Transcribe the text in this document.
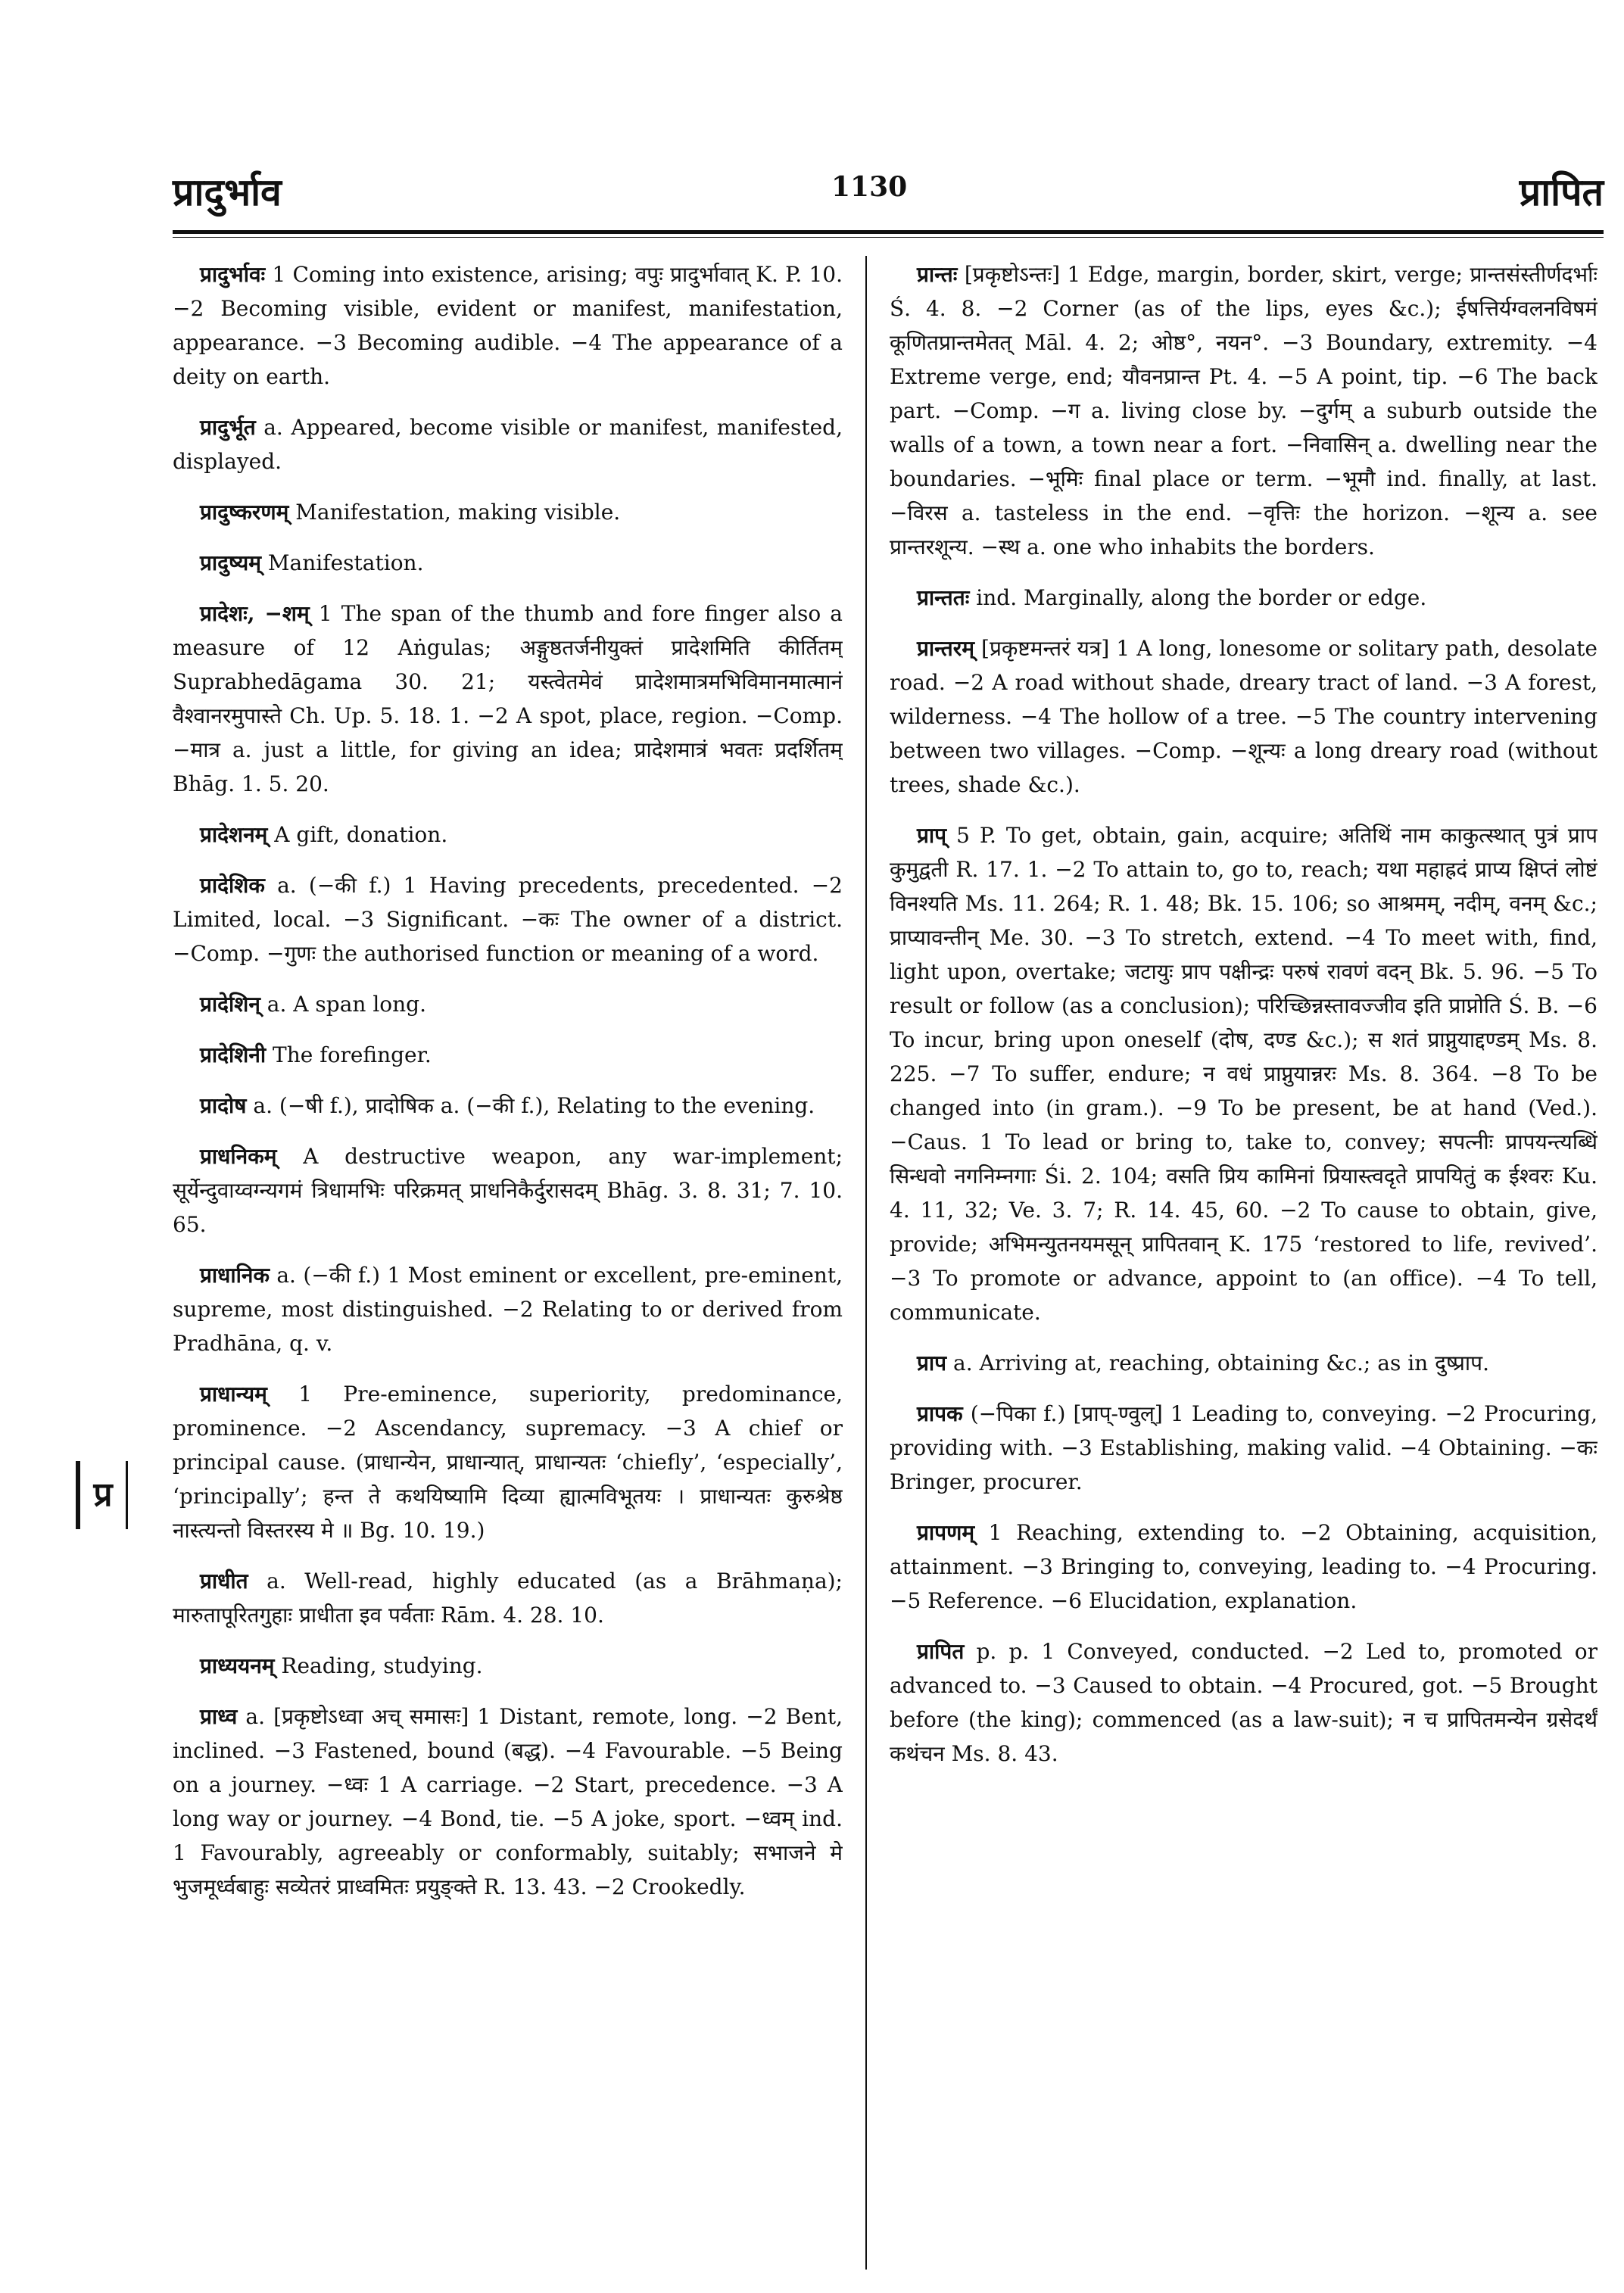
प्रादुर्भाव	1130	प्रापित
प्र

प्रादुर्भावः 1 Coming into existence, arising; वपुः प्रादुर्भावात् K. P. 10. −2 Becoming visible, evident or manifest, manifestation, appearance. −3 Becoming audible. −4 The appearance of a deity on earth.

प्रादुर्भूत a. Appeared, become visible or manifest, manifested, displayed.

प्रादुष्करणम् Manifestation, making visible.

प्रादुष्यम् Manifestation.

प्रादेशः, −शम् 1 The span of the thumb and fore finger also a measure of 12 Aṅgulas; अङ्गुष्ठतर्जनीयुक्तं प्रादेशमिति कीर्तितम् Suprabhedāgama 30. 21; यस्त्वेतमेवं प्रादेशमात्रमभिविमानमात्मानं वैश्वानरमुपास्ते Ch. Up. 5. 18. 1. −2 A spot, place, region. −Comp. −मात्र a. just a little, for giving an idea; प्रादेशमात्रं भवतः प्रदर्शितम् Bhāg. 1. 5. 20.

प्रादेशनम् A gift, donation.

प्रादेशिक a. (−की f.) 1 Having precedents, precedented. −2 Limited, local. −3 Significant. −कः The owner of a district. −Comp. −गुणः the authorised function or meaning of a word.

प्रादेशिन् a. A span long.

प्रादेशिनी The forefinger.

प्रादोष a. (−षी f.), प्रादोषिक a. (−की f.), Relating to the evening.

प्राधनिकम् A destructive weapon, any war-implement; सूर्येन्दुवाय्वग्न्यगमं त्रिधामभिः परिक्रमत् प्राधनिकैर्दुरासदम् Bhāg. 3. 8. 31; 7. 10. 65.

प्राधानिक a. (−की f.) 1 Most eminent or excellent, pre-eminent, supreme, most distinguished. −2 Relating to or derived from Pradhāna, q. v.

प्राधान्यम् 1 Pre-eminence, superiority, predominance, prominence. −2 Ascendancy, supremacy. −3 A chief or principal cause. (प्राधान्येन, प्राधान्यात्, प्राधान्यतः ‘chiefly’, ‘especially’, ‘principally’; हन्त ते कथयिष्यामि दिव्या ह्यात्मविभूतयः । प्राधान्यतः कुरुश्रेष्ठ नास्त्यन्तो विस्तरस्य मे ॥ Bg. 10. 19.)

प्राधीत a. Well-read, highly educated (as a Brāhmaṇa); मारुतापूरितगुहाः प्राधीता इव पर्वताः Rām. 4. 28. 10.

प्राध्ययनम् Reading, studying.

प्राध्व a. [प्रकृष्टोऽध्वा अच् समासः] 1 Distant, remote, long. −2 Bent, inclined. −3 Fastened, bound (बद्ध). −4 Favourable. −5 Being on a journey. −ध्वः 1 A carriage. −2 Start, precedence. −3 A long way or journey. −4 Bond, tie. −5 A joke, sport. −ध्वम् ind. 1 Favourably, agreeably or conformably, suitably; सभाजने मे भुजमूर्ध्वबाहुः सव्येतरं प्राध्वमितः प्रयुङ्क्ते R. 13. 43. −2 Crookedly.

प्रान्तः [प्रकृष्टोऽन्तः] 1 Edge, margin, border, skirt, verge; प्रान्तसंस्तीर्णदर्भाः Ś. 4. 8. −2 Corner (as of the lips, eyes &c.); ईषत्तिर्यग्वलनविषमं कूणितप्रान्तमेतत् Māl. 4. 2; ओष्ठ°, नयन°. −3 Boundary, extremity. −4 Extreme verge, end; यौवनप्रान्त Pt. 4. −5 A point, tip. −6 The back part. −Comp. −ग a. living close by. −दुर्गम् a suburb outside the walls of a town, a town near a fort. −निवासिन् a. dwelling near the boundaries. −भूमिः final place or term. −भूमौ ind. finally, at last. −विरस a. tasteless in the end. −वृत्तिः the horizon. −शून्य a. see प्रान्तरशून्य. −स्थ a. one who inhabits the borders.

प्रान्ततः ind. Marginally, along the border or edge.

प्रान्तरम् [प्रकृष्टमन्तरं यत्र] 1 A long, lonesome or solitary path, desolate road. −2 A road without shade, dreary tract of land. −3 A forest, wilderness. −4 The hollow of a tree. −5 The country intervening between two villages. −Comp. −शून्यः a long dreary road (without trees, shade &c.).

प्राप् 5 P. To get, obtain, gain, acquire; अतिथिं नाम काकुत्स्थात् पुत्रं प्राप कुमुद्वती R. 17. 1. −2 To attain to, go to, reach; यथा महाह्रदं प्राप्य क्षिप्तं लोष्टं विनश्यति Ms. 11. 264; R. 1. 48; Bk. 15. 106; so आश्रमम्, नदीम्, वनम् &c.; प्राप्यावन्तीन् Me. 30. −3 To stretch, extend. −4 To meet with, find, light upon, overtake; जटायुः प्राप पक्षीन्द्रः परुषं रावणं वदन् Bk. 5. 96. −5 To result or follow (as a conclusion); परिच्छिन्नस्तावज्जीव इति प्राप्नोति Ś. B. −6 To incur, bring upon oneself (दोष, दण्ड &c.); स शतं प्राप्नुयाद्दण्डम् Ms. 8. 225. −7 To suffer, endure; न वधं प्राप्नुयान्नरः Ms. 8. 364. −8 To be changed into (in gram.). −9 To be present, be at hand (Ved.). −Caus. 1 To lead or bring to, take to, convey; सपत्नीः प्रापयन्त्यब्धिं सिन्धवो नगनिम्नगाः Śi. 2. 104; वसति प्रिय कामिनां प्रियास्त्वदृते प्रापयितुं क ईश्वरः Ku. 4. 11, 32; Ve. 3. 7; R. 14. 45, 60. −2 To cause to obtain, give, provide; अभिमन्युतनयमसून् प्रापितवान् K. 175 ‘restored to life, revived’. −3 To promote or advance, appoint to (an office). −4 To tell, communicate.

प्राप a. Arriving at, reaching, obtaining &c.; as in दुष्प्राप.

प्रापक (−पिका f.) [प्राप्-ण्वुल्] 1 Leading to, conveying. −2 Procuring, providing with. −3 Establishing, making valid. −4 Obtaining. −कः Bringer, procurer.

प्रापणम् 1 Reaching, extending to. −2 Obtaining, acquisition, attainment. −3 Bringing to, conveying, leading to. −4 Procuring. −5 Reference. −6 Elucidation, explanation.

प्रापित p. p. 1 Conveyed, conducted. −2 Led to, promoted or advanced to. −3 Caused to obtain. −4 Procured, got. −5 Brought before (the king); commenced (as a law-suit); न च प्रापितमन्येन ग्रसेदर्थं कथंचन Ms. 8. 43.
